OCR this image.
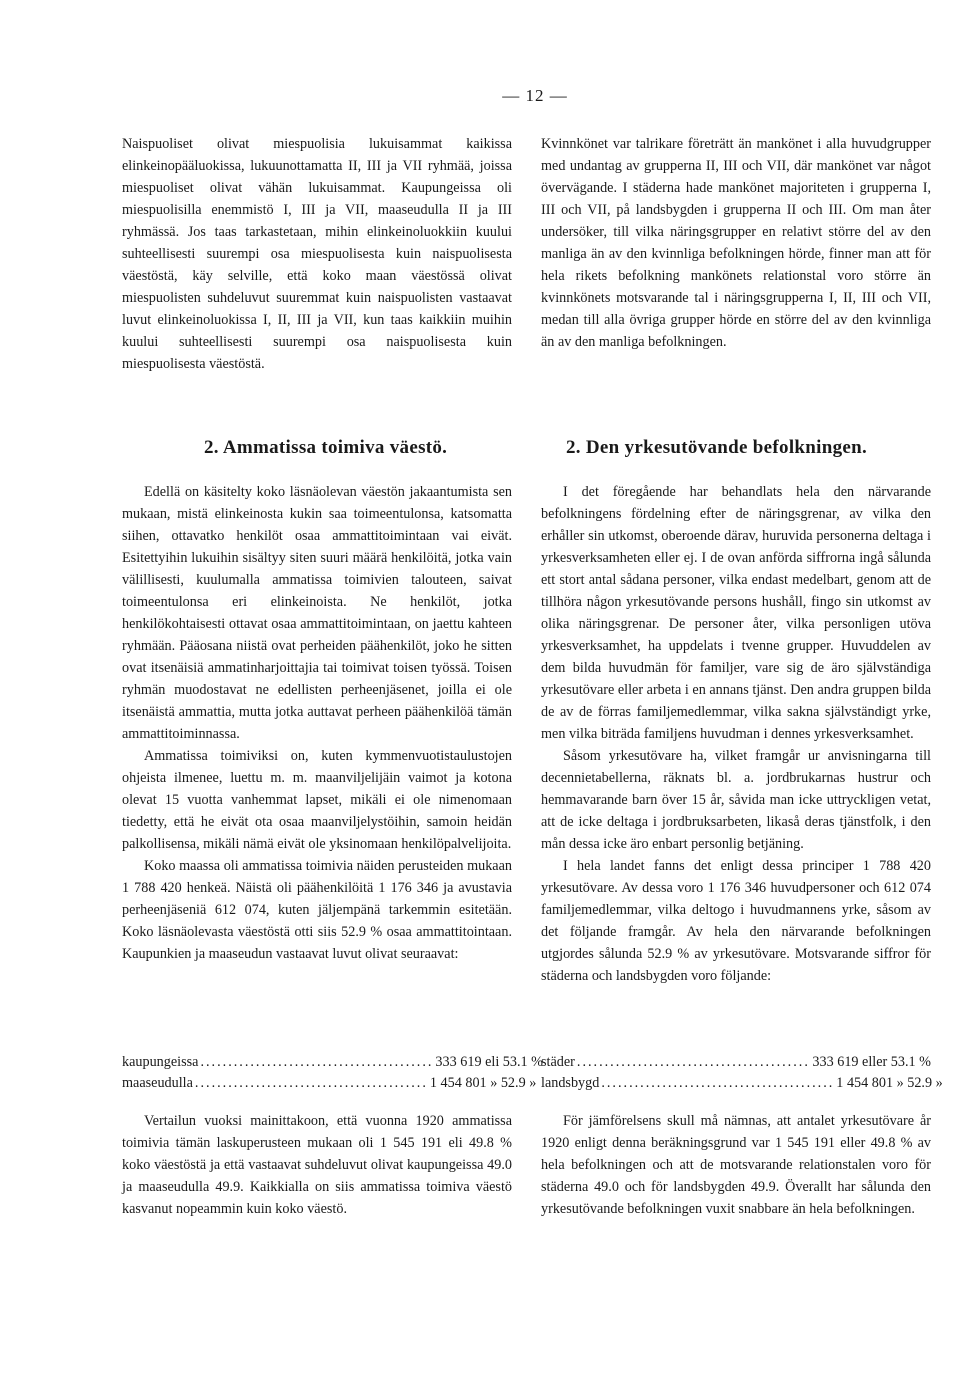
— 12 —

Naispuoliset olivat miespuolisia lukuisammat kaikissa elinkeinopääluokissa, lukuunottamatta II, III ja VII ryhmää, joissa miespuoliset olivat vähän lukuisammat. Kaupungeissa oli miespuolisilla enemmistö I, III ja VII, maaseudulla II ja III ryhmässä. Jos taas tarkastetaan, mihin elinkeinoluokkiin kuului suhteellisesti suurempi osa miespuolisesta kuin naispuolisesta väestöstä, käy selville, että koko maan väestössä olivat miespuolisten suhdeluvut suuremmat kuin naispuolisten vastaavat luvut elinkeinoluokissa I, II, III ja VII, kun taas kaikkiin muihin kuului suhteellisesti suurempi osa naispuolisesta kuin miespuolisesta väestöstä.

Kvinnkönet var talrikare företrätt än mankönet i alla huvudgrupper med undantag av grupperna II, III och VII, där mankönet var något övervägande. I städerna hade mankönet majoriteten i grupperna I, III och VII, på landsbygden i grupperna II och III. Om man åter undersöker, till vilka näringsgrupper en relativt större del av den manliga än av den kvinnliga befolkningen hörde, finner man att för hela rikets befolkning mankönets relationstal voro större än kvinnkönets motsvarande tal i näringsgrupperna I, II, III och VII, medan till alla övriga grupper hörde en större del av den kvinnliga än av den manliga befolkningen.

2. Ammatissa toimiva väestö.	2. Den yrkesutövande befolkningen.

Edellä on käsitelty koko läsnäolevan väestön jakaantumista sen mukaan, mistä elinkeinosta kukin saa toimeentulonsa, katsomatta siihen, ottavatko henkilöt osaa ammattitoimintaan vai eivät. Esitettyihin lukuihin sisältyy siten suuri määrä henkilöitä, jotka vain välillisesti, kuulumalla ammatissa toimivien talouteen, saivat toimeentulonsa eri elinkeinoista. Ne henkilöt, jotka henkilökohtaisesti ottavat osaa ammattitoimintaan, on jaettu kahteen ryhmään. Pääosana niistä ovat perheiden päähenkilöt, joko he sitten ovat itsenäisiä ammatinharjoittajia tai toimivat toisen työssä. Toisen ryhmän muodostavat ne edellisten perheenjäsenet, joilla ei ole itsenäistä ammattia, mutta jotka auttavat perheen päähenkilöä tämän ammattitoiminnassa.

Ammatissa toimiviksi on, kuten kymmenvuotistaulustojen ohjeista ilmenee, luettu m. m. maanviljelijäin vaimot ja kotona olevat 15 vuotta vanhemmat lapset, mikäli ei ole nimenomaan tiedetty, että he eivät ota osaa maanviljelystöihin, samoin heidän palkollisensa, mikäli nämä eivät ole yksinomaan henkilöpalvelijoita.

Koko maassa oli ammatissa toimivia näiden perusteiden mukaan 1 788 420 henkeä. Näistä oli päähenkilöitä 1 176 346 ja avustavia perheenjäseniä 612 074, kuten jäljempänä tarkemmin esitetään. Koko läsnäolevasta väestöstä otti siis 52.9 % osaa ammattitointaan. Kaupunkien ja maaseudun vastaavat luvut olivat seuraavat:

I det föregående har behandlats hela den närvarande befolkningens fördelning efter de näringsgrenar, av vilka den erhåller sin utkomst, oberoende därav, huruvida personerna deltaga i yrkesverksamheten eller ej. I de ovan anförda siffrorna ingå sålunda ett stort antal sådana personer, vilka endast medelbart, genom att de tillhöra någon yrkesutövande persons hushåll, fingo sin utkomst av olika näringsgrenar. De personer åter, vilka personligen utöva yrkesverksamhet, ha uppdelats i tvenne grupper. Huvuddelen av dem bilda huvudmän för familjer, vare sig de äro självständiga yrkesutövare eller arbeta i en annans tjänst. Den andra gruppen bilda de av de förras familjemedlemmar, vilka sakna självständigt yrke, men vilka biträda familjens huvudman i dennes yrkesverksamhet.

Såsom yrkesutövare ha, vilket framgår ur anvisningarna till decennietabellerna, räknats bl. a. jordbrukarnas hustrur och hemmavarande barn över 15 år, såvida man icke uttryckligen vetat, att de icke deltaga i jordbruksarbeten, likaså deras tjänstfolk, i den mån dessa icke äro enbart personlig betjäning.

I hela landet fanns det enligt dessa principer 1 788 420 yrkesutövare. Av dessa voro 1 176 346 huvudpersoner och 612 074 familjemedlemmar, vilka deltogo i huvudmannens yrke, såsom av det följande framgår. Av hela den närvarande befolkningen utgjordes sålunda 52.9 % av yrkesutövare. Motsvarande siffror för städerna och landsbygden voro följande:

kaupungeissa .......................................... 333 619 eli 53.1 %
maaseudulla .......................................... 1 454 801 » 52.9 »
städer .......................................... 333 619 eller 53.1 %
landsbygd .......................................... 1 454 801 » 52.9 »

Vertailun vuoksi mainittakoon, että vuonna 1920 ammatissa toimivia tämän laskuperusteen mukaan oli 1 545 191 eli 49.8 % koko väestöstä ja että vastaavat suhdeluvut olivat kaupungeissa 49.0 ja maaseudulla 49.9. Kaikkialla on siis ammatissa toimiva väestö kasvanut nopeammin kuin koko väestö.

För jämförelsens skull må nämnas, att antalet yrkesutövare år 1920 enligt denna beräkningsgrund var 1 545 191 eller 49.8 % av hela befolkningen och att de motsvarande relationstalen voro för städerna 49.0 och för landsbygden 49.9. Överallt har sålunda den yrkesutövande befolkningen vuxit snabbare än hela befolkningen.
